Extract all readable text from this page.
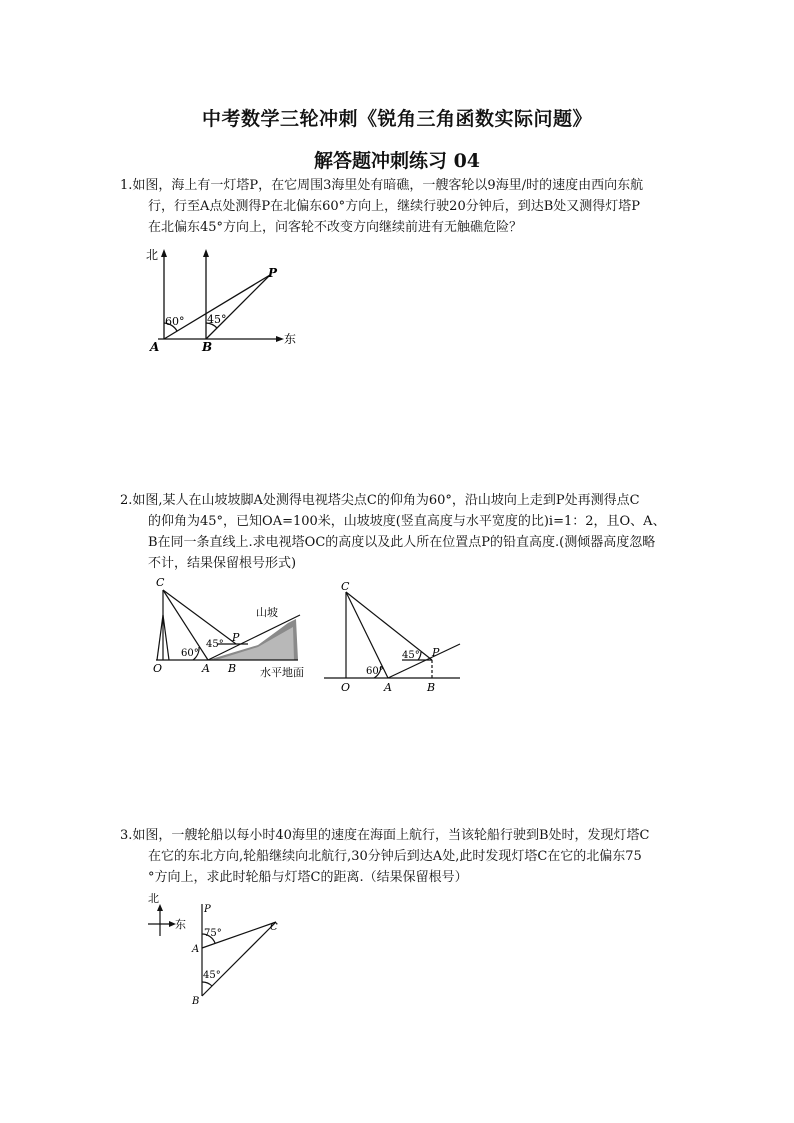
中考数学三轮冲刺《锐角三角函数实际问题》
解答题冲刺练习 04
1.如图，海上有一灯塔P，在它周围3海里处有暗礁，一艘客轮以9海里/时的速度由西向东航
行，行至A点处测得P在北偏东60°方向上，继续行驶20分钟后，到达B处又测得灯塔P
在北偏东45°方向上，问客轮不改变方向继续前进有无触礁危险？
北
东
A	B
P
60° 45°
2.如图,某人在山坡坡脚A处测得电视塔尖点C的仰角为60°，沿山坡向上走到P处再测得点C
的仰角为45°，已知OA=100米，山坡坡度(竖直高度与水平宽度的比)i=1：2，且O、A、
B在同一条直线上.求电视塔OC的高度以及此人所在位置点P的铅直高度.(测倾器高度忽略
不计，结果保留根号形式)
C
O	A B
P
45°
60°
山坡
水平地面
C
O	A	B
P
45°
60°
3.如图，一艘轮船以每小时40海里的速度在海面上航行，当该轮船行驶到B处时，发现灯塔C
在它的东北方向,轮船继续向北航行,30分钟后到达A处,此时发现灯塔C在它的北偏东75
°方向上，求此时轮船与灯塔C的距离.（结果保留根号）
北
东
P
A
B
C
75°
45°
